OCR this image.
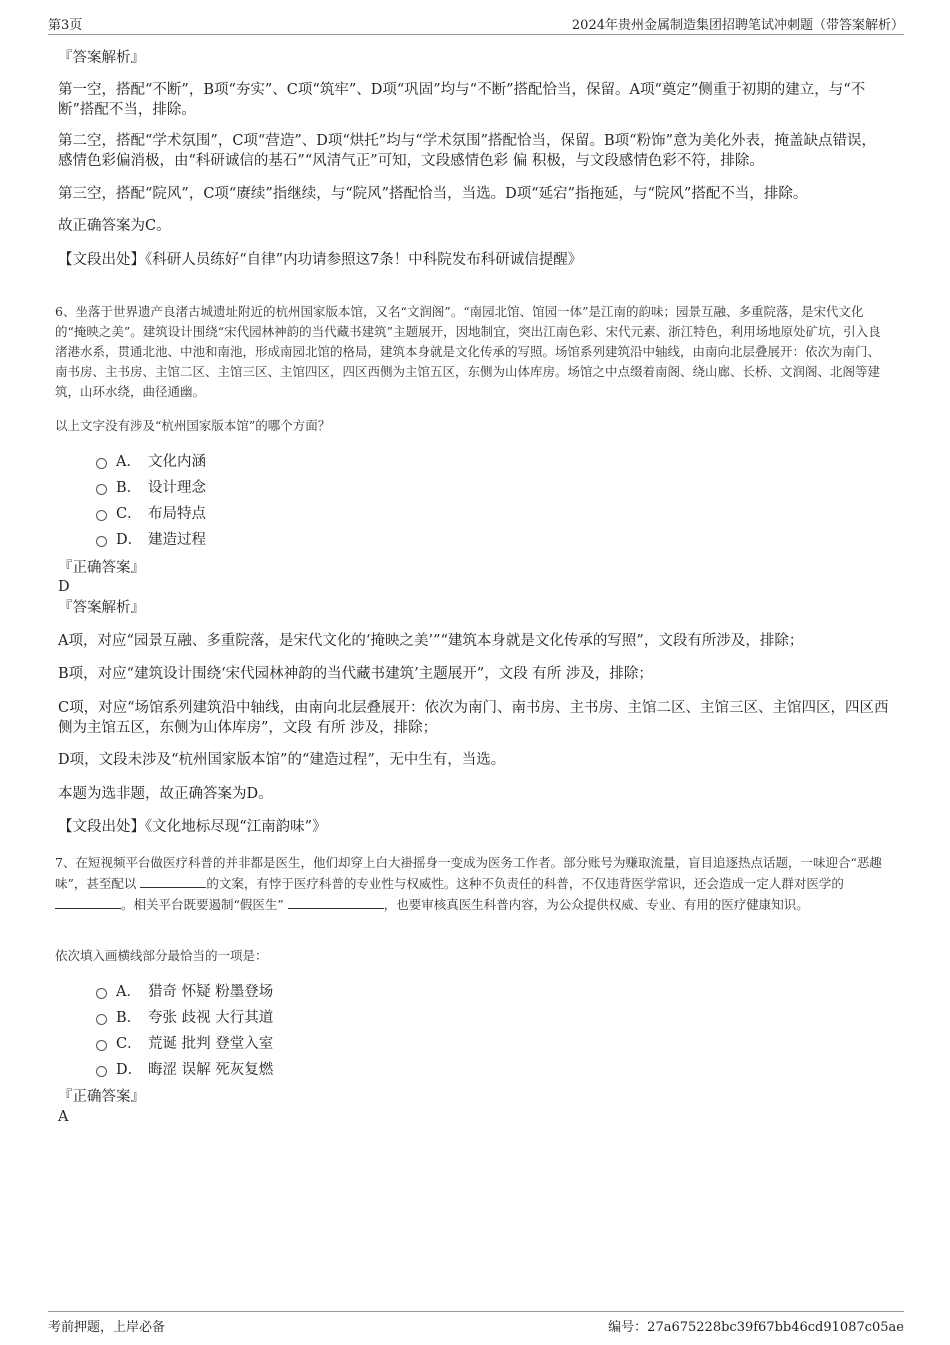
第3页	2024年贵州金属制造集团招聘笔试冲刺题（带答案解析）

『答案解析』

第一空，搭配“不断”，B项“夯实”、C项“筑牢”、D项“巩固”均与“不断”搭配恰当，保留。A项“奠定”侧重于初期的建立，与“不断”搭配不当，排除。

第二空，搭配“学术氛围”，C项“营造”、D项“烘托”均与“学术氛围”搭配恰当，保留。B项“粉饰”意为美化外表，掩盖缺点错误，感情色彩偏消极，由“科研诚信的基石”“风清气正”可知，文段感情色彩 偏 积极，与文段感情色彩不符，排除。

第三空，搭配“院风”，C项“赓续”指继续，与“院风”搭配恰当，当选。D项“延宕”指拖延，与“院风”搭配不当，排除。

故正确答案为C。

【文段出处】《科研人员练好“自律”内功请参照这7条！中科院发布科研诚信提醒》

6、坐落于世界遗产良渚古城遗址附近的杭州国家版本馆，又名“文润阁”。“南园北馆、馆园一体”是江南的韵味；园景互融、多重院落，是宋代文化的“掩映之美”。建筑设计围绕“宋代园林神韵的当代藏书建筑”主题展开，因地制宜，突出江南色彩、宋代元素、浙江特色，利用场地原处矿坑，引入良渚港水系，贯通北池、中池和南池，形成南园北馆的格局，建筑本身就是文化传承的写照。场馆系列建筑沿中轴线，由南向北层叠展开：依次为南门、南书房、主书房、主馆二区、主馆三区、主馆四区，四区西侧为主馆五区，东侧为山体库房。场馆之中点缀着南阁、绕山廊、长桥、文润阁、北阁等建筑，山环水绕，曲径通幽。

以上文字没有涉及“杭州国家版本馆”的哪个方面？

A． 文化内涵
B． 设计理念
C． 布局特点
D． 建造过程

『正确答案』

D

『答案解析』

A项，对应“园景互融、多重院落，是宋代文化的‘掩映之美’”“建筑本身就是文化传承的写照”，文段有所涉及，排除；

B项，对应“建筑设计围绕‘宋代园林神韵的当代藏书建筑’主题展开”，文段 有所 涉及，排除；

C项，对应“场馆系列建筑沿中轴线，由南向北层叠展开：依次为南门、南书房、主书房、主馆二区、主馆三区、主馆四区，四区西侧为主馆五区，东侧为山体库房”，文段 有所 涉及，排除；

D项，文段未涉及“杭州国家版本馆”的“建造过程”，无中生有，当选。

本题为选非题，故正确答案为D。

【文段出处】《文化地标尽现“江南韵味”》

7、在短视频平台做医疗科普的并非都是医生，他们却穿上白大褂摇身一变成为医务工作者。部分账号为赚取流量，盲目追逐热点话题，一味迎合“恶趣味”，甚至配以	的文案，有悖于医疗科普的专业性与权威性。这种不负责任的科普，不仅违背医学常识，还会造成一定人群对医学的 。相关平台既要遏制“假医生”	，也要审核真医生科普内容，为公众提供权威、专业、有用的医疗健康知识。

依次填入画横线部分最恰当的一项是：

A． 猎奇 怀疑 粉墨登场
B． 夸张 歧视 大行其道
C． 荒诞 批判 登堂入室
D． 晦涩 误解 死灰复燃

『正确答案』

A

考前押题，上岸必备	编号：27a675228bc39f67bb46cd91087c05ae
